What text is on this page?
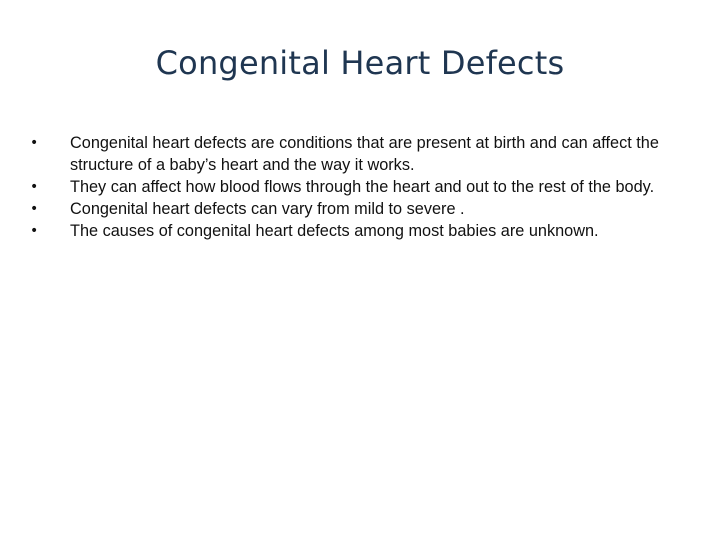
Congenital Heart Defects
•	Congenital heart defects are conditions that are present at birth and can affect the structure of a baby’s heart and the way it works.
•	They can affect how blood flows through the heart and out to the rest of the body.
•	Congenital heart defects can vary from mild to severe .
•	The causes of congenital heart defects among most babies are unknown.
